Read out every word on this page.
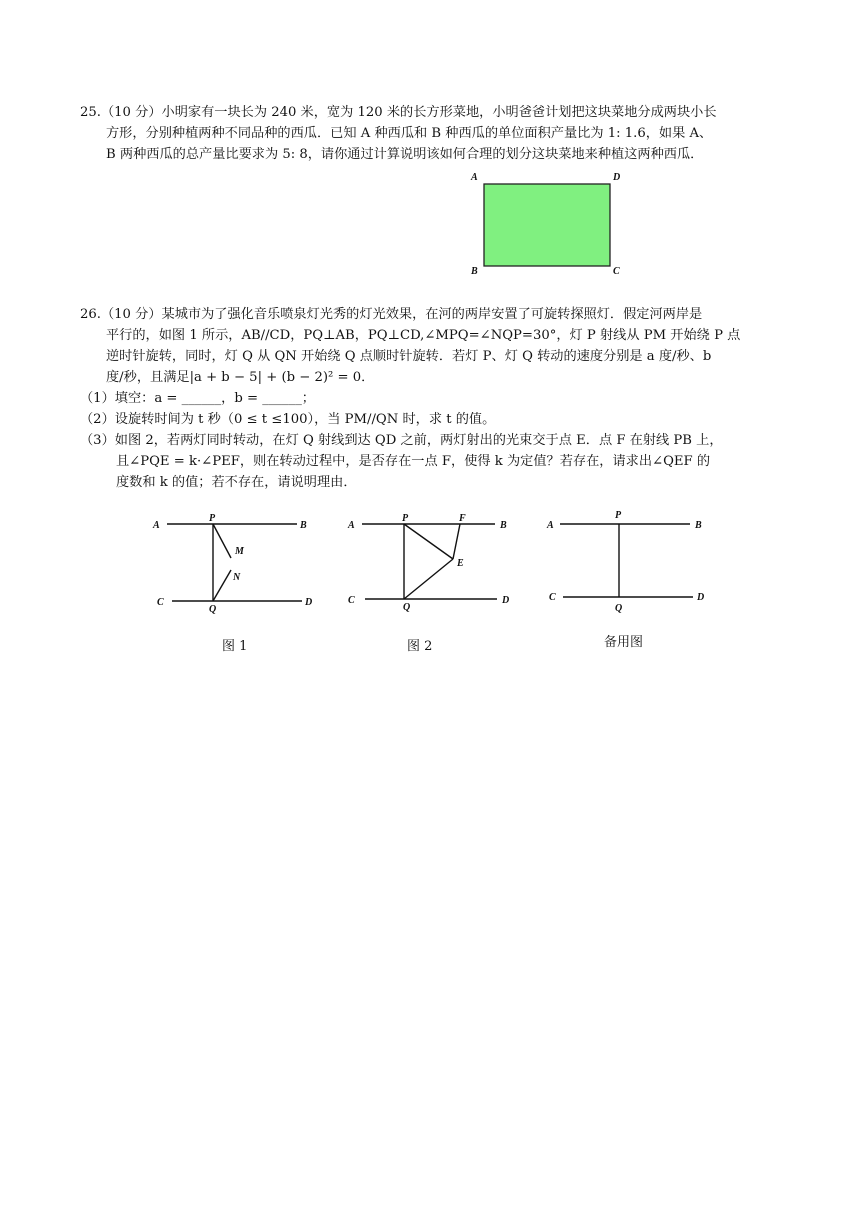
25.（10 分）小明家有一块长为 240 米，宽为 120 米的长方形菜地，小明爸爸计划把这块菜地分成两块小长
方形，分别种植两种不同品种的西瓜．已知 A 种西瓜和 B 种西瓜的单位面积产量比为 1: 1.6，如果 A、
B 两种西瓜的总产量比要求为 5: 8，请你通过计算说明该如何合理的划分这块菜地来种植这两种西瓜．
A	D
B	C
26.（10 分）某城市为了强化音乐喷泉灯光秀的灯光效果，在河的两岸安置了可旋转探照灯．假定河两岸是
平行的，如图 1 所示，AB//CD，PQ⊥AB，PQ⊥CD,∠MPQ=∠NQP=30°，灯 P 射线从 PM 开始绕 P 点
逆时针旋转，同时，灯 Q 从 QN 开始绕 Q 点顺时针旋转．若灯 P、灯 Q 转动的速度分别是 a 度/秒、b
度/秒，且满足|a + b − 5| + (b − 2)² = 0．
（1）填空：a = ______，b = ______；
（2）设旋转时间为 t 秒（0 ≤ t ≤100），当 PM//QN 时，求 t 的值。
（3）如图 2，若两灯同时转动，在灯 Q 射线到达 QD 之前，两灯射出的光束交于点 E．点 F 在射线 PB 上，
且∠PQE = k·∠PEF，则在转动过程中，是否存在一点 F，使得 k 为定值？若存在，请求出∠QEF 的
度数和 k 的值；若不存在，请说明理由．
A
P
B
M
N
C
Q
D
图 1
A
P	F
B
E
C
Q
D
图 2
A
P
B
C
Q
D
备用图
